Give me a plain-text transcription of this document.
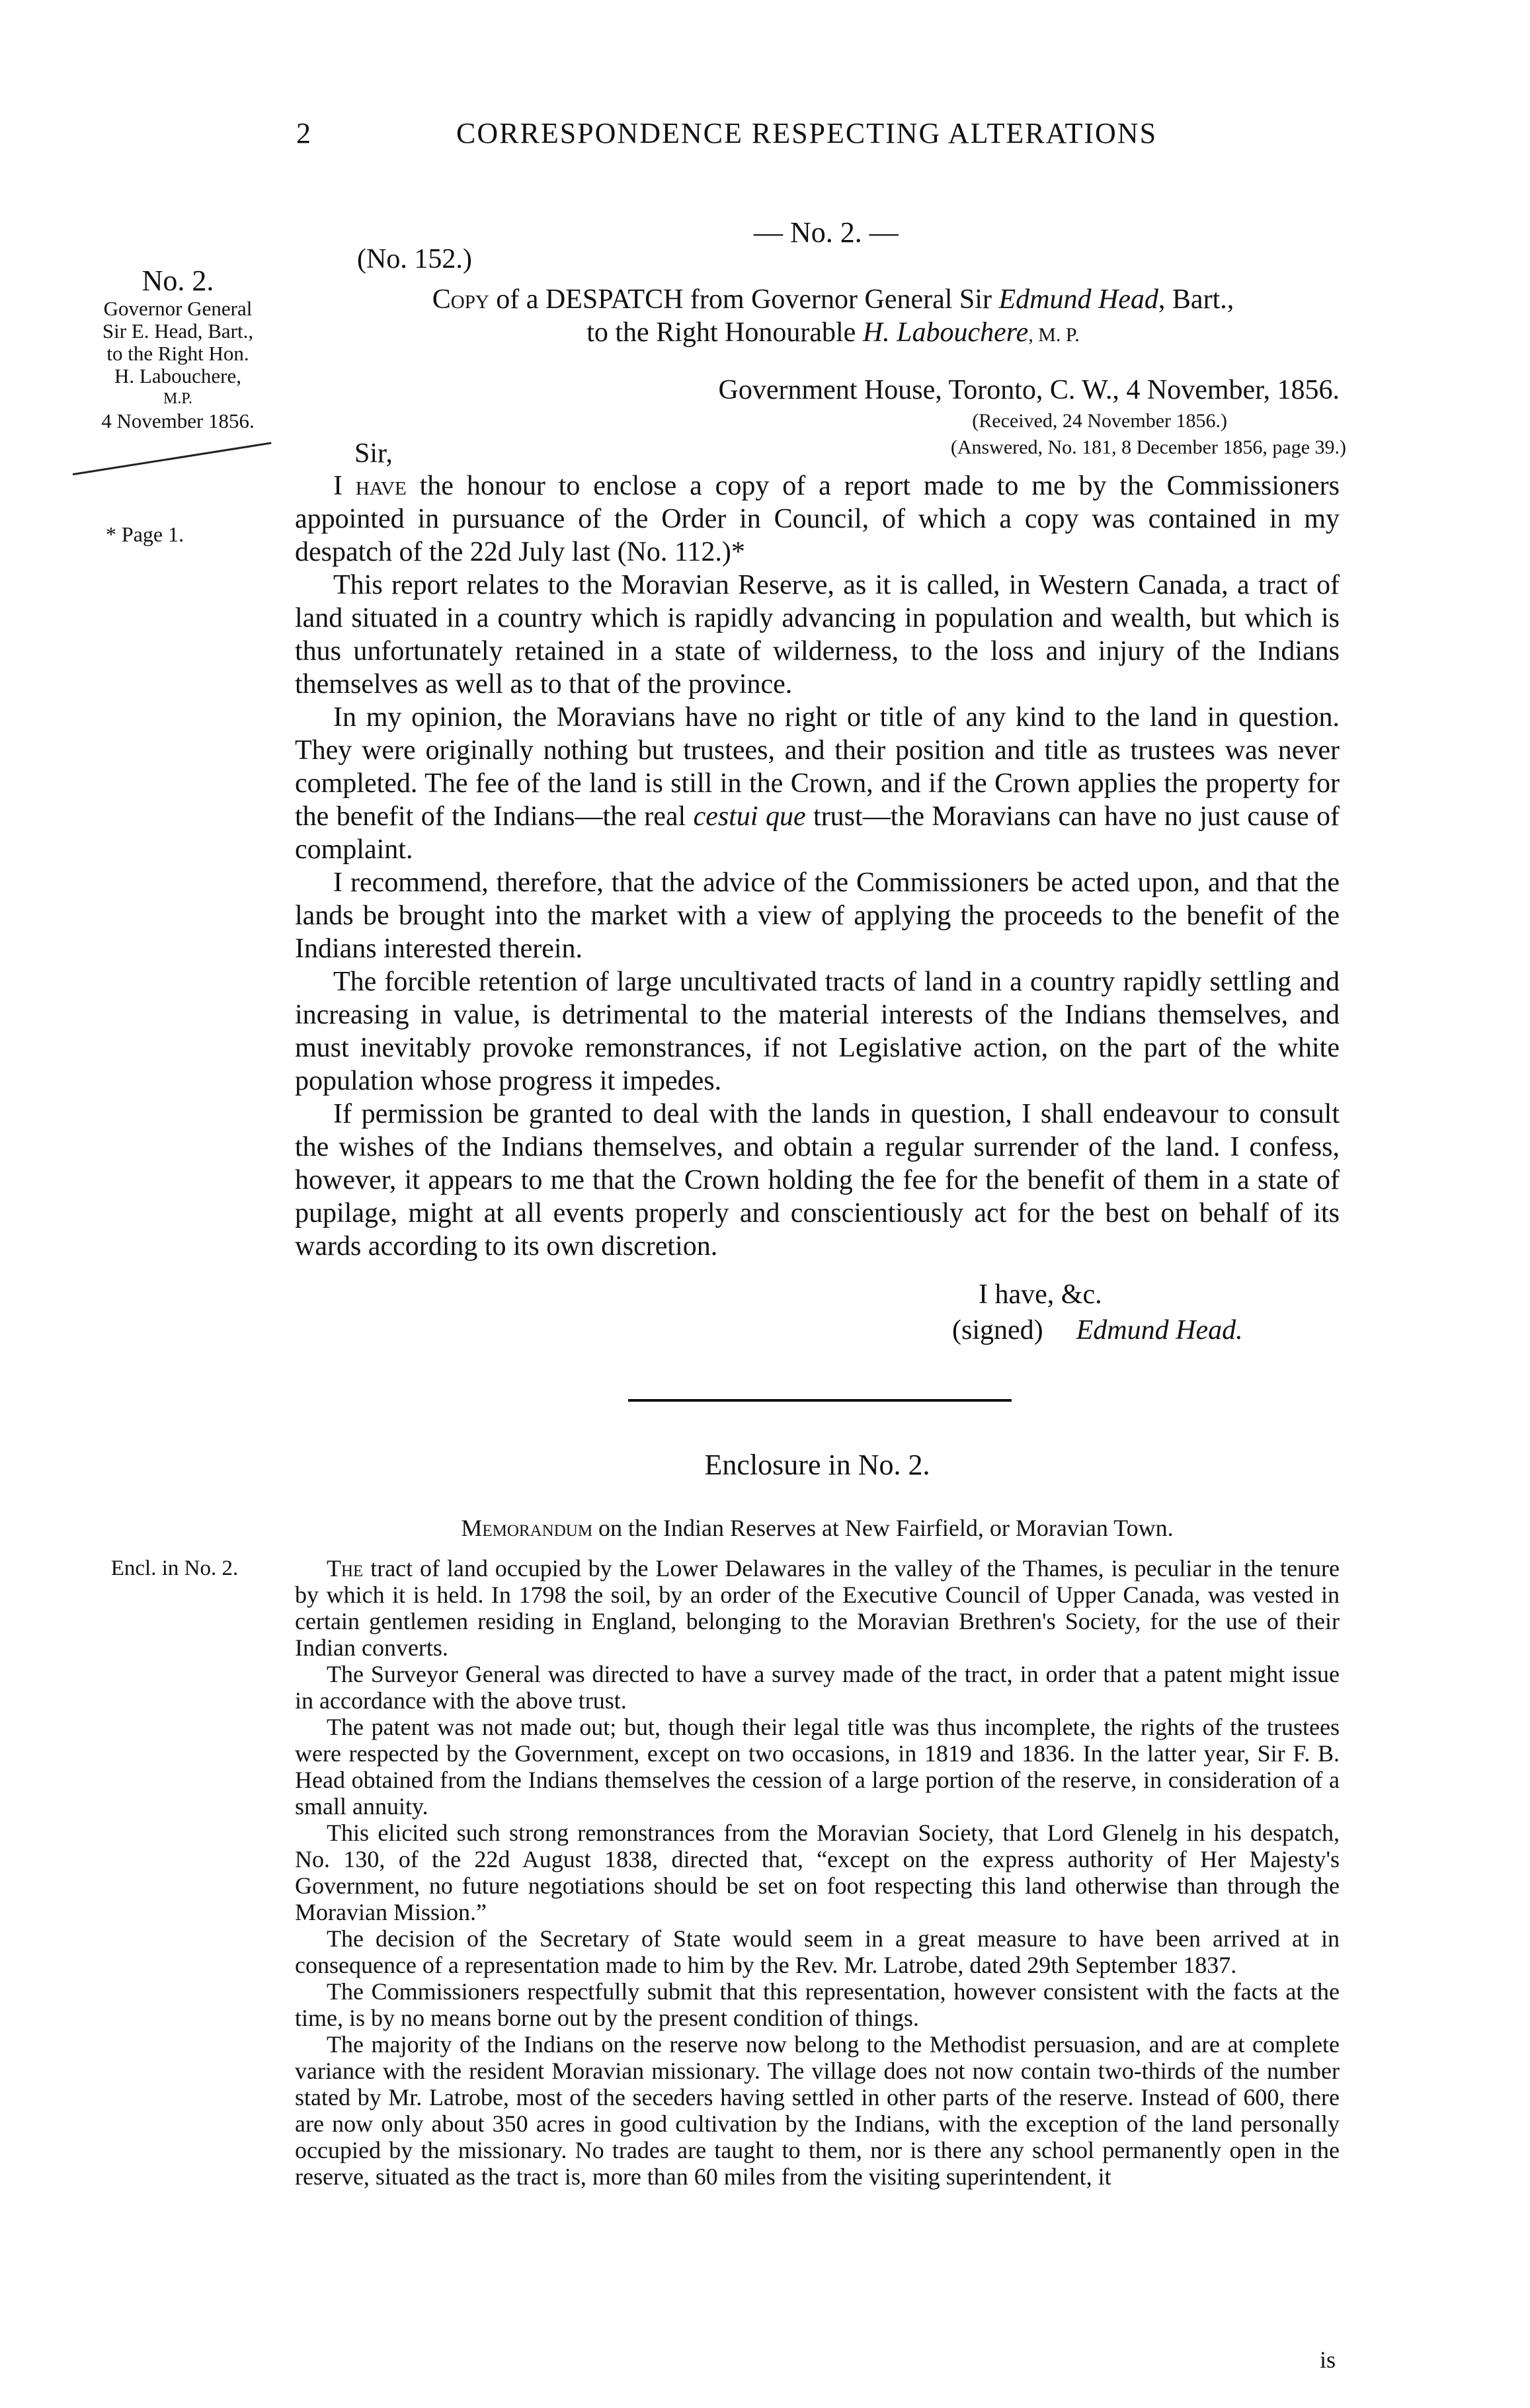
2	CORRESPONDENCE RESPECTING ALTERATIONS
— No. 2. —
No. 2.
Governor General
Sir E. Head, Bart.,
to the Right Hon.
H. Labouchere,
M.P.
4 November 1856.
* Page 1.
(No. 152.)
Copy of a DESPATCH from Governor General Sir Edmund Head, Bart.,
to the Right Honourable H. Labouchere, M. P.
Government House, Toronto, C. W., 4 November, 1856.
(Received, 24 November 1856.)
Sir,	(Answered, No. 181, 8 December 1856, page 39.)

I have the honour to enclose a copy of a report made to me by the Commissioners appointed in pursuance of the Order in Council, of which a copy was contained in my despatch of the 22d July last (No. 112.)*

This report relates to the Moravian Reserve, as it is called, in Western Canada, a tract of land situated in a country which is rapidly advancing in population and wealth, but which is thus unfortunately retained in a state of wilderness, to the loss and injury of the Indians themselves as well as to that of the province.

In my opinion, the Moravians have no right or title of any kind to the land in question. They were originally nothing but trustees, and their position and title as trustees was never completed. The fee of the land is still in the Crown, and if the Crown applies the property for the benefit of the Indians—the real cestui que trust—the Moravians can have no just cause of complaint.

I recommend, therefore, that the advice of the Commissioners be acted upon, and that the lands be brought into the market with a view of applying the proceeds to the benefit of the Indians interested therein.

The forcible retention of large uncultivated tracts of land in a country rapidly settling and increasing in value, is detrimental to the material interests of the Indians themselves, and must inevitably provoke remonstrances, if not Legislative action, on the part of the white population whose progress it impedes.

If permission be granted to deal with the lands in question, I shall endeavour to consult the wishes of the Indians themselves, and obtain a regular surrender of the land. I confess, however, it appears to me that the Crown holding the fee for the benefit of them in a state of pupilage, might at all events properly and conscientiously act for the best on behalf of its wards according to its own discretion.

I have, &c.
(signed) Edmund Head.
Enclosure in No. 2.
Memorandum on the Indian Reserves at New Fairfield, or Moravian Town.
Encl. in No. 2.	The tract of land occupied by the Lower Delawares in the valley of the Thames, is peculiar in the tenure by which it is held. In 1798 the soil, by an order of the Executive Council of Upper Canada, was vested in certain gentlemen residing in England, belonging to the Moravian Brethren's Society, for the use of their Indian converts.

The Surveyor General was directed to have a survey made of the tract, in order that a patent might issue in accordance with the above trust.

The patent was not made out; but, though their legal title was thus incomplete, the rights of the trustees were respected by the Government, except on two occasions, in 1819 and 1836. In the latter year, Sir F. B. Head obtained from the Indians themselves the cession of a large portion of the reserve, in consideration of a small annuity.

This elicited such strong remonstrances from the Moravian Society, that Lord Glenelg in his despatch, No. 130, of the 22d August 1838, directed that, “except on the express authority of Her Majesty's Government, no future negotiations should be set on foot respecting this land otherwise than through the Moravian Mission.”

The decision of the Secretary of State would seem in a great measure to have been arrived at in consequence of a representation made to him by the Rev. Mr. Latrobe, dated 29th September 1837.

The Commissioners respectfully submit that this representation, however consistent with the facts at the time, is by no means borne out by the present condition of things.

The majority of the Indians on the reserve now belong to the Methodist persuasion, and are at complete variance with the resident Moravian missionary. The village does not now contain two-thirds of the number stated by Mr. Latrobe, most of the seceders having settled in other parts of the reserve. Instead of 600, there are now only about 350 acres in good cultivation by the Indians, with the exception of the land personally occupied by the missionary. No trades are taught to them, nor is there any school permanently open in the reserve, situated as the tract is, more than 60 miles from the visiting superintendent, it

is
